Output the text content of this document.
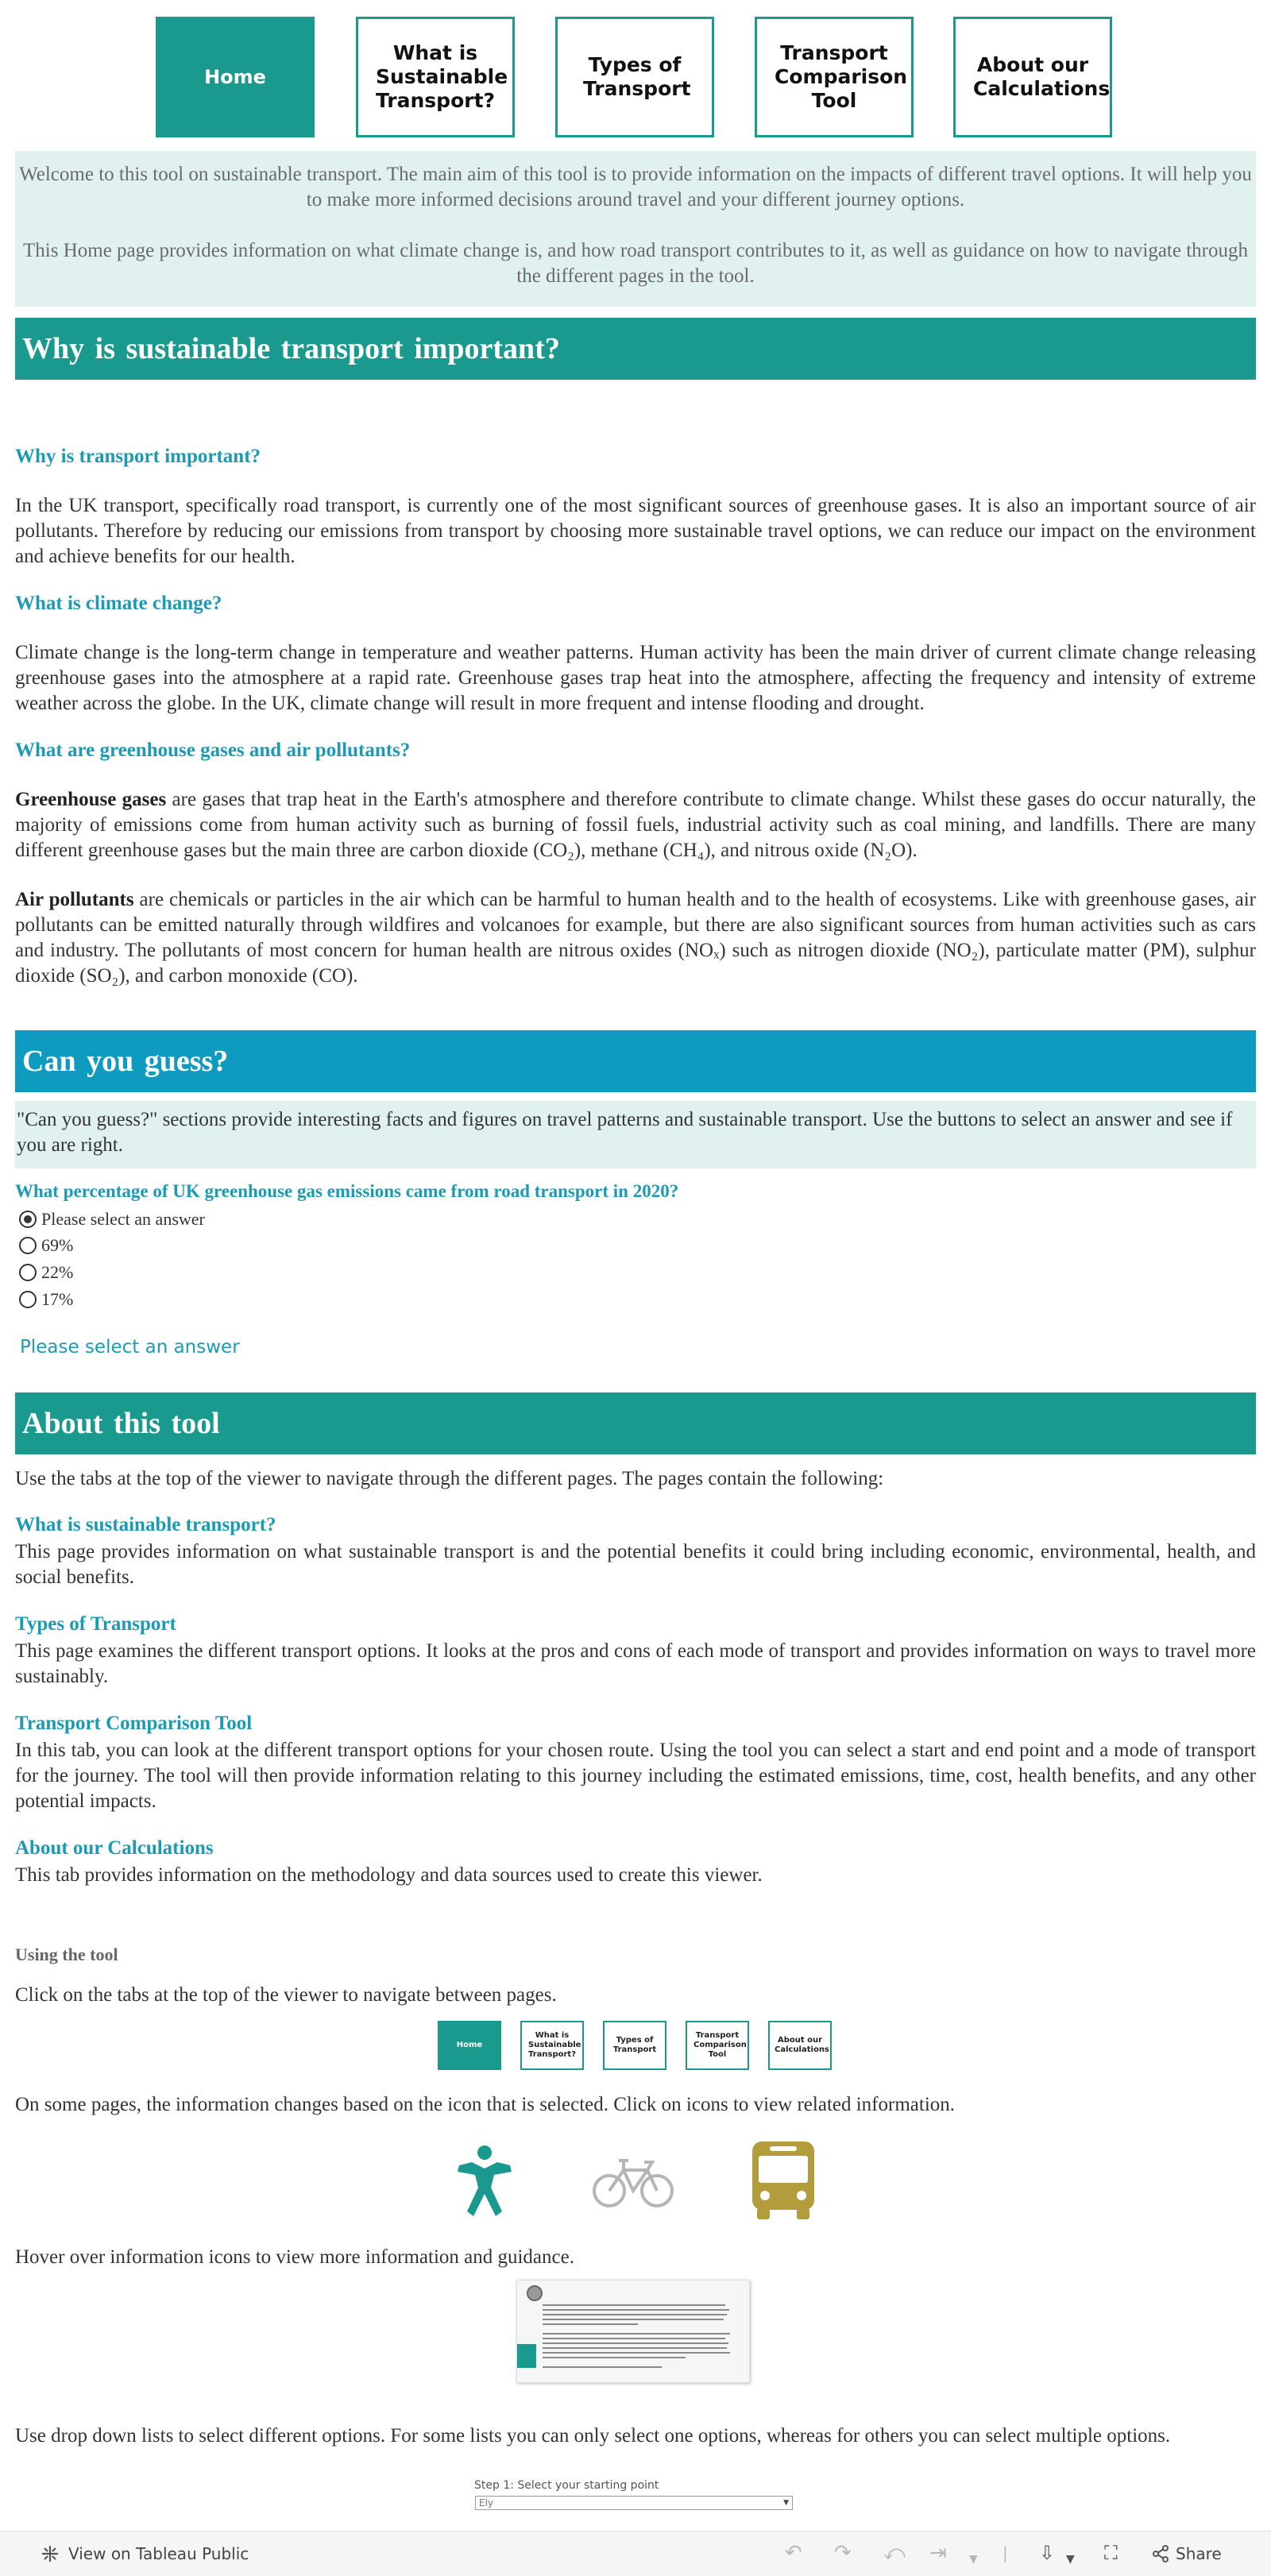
Home
What is Sustainable Transport?
Types of Transport
Transport Comparison Tool
About our Calculations

Welcome to this tool on sustainable transport. The main aim of this tool is to provide information on the impacts of different travel options. It will help you to make more informed decisions around travel and your different journey options.

This Home page provides information on what climate change is, and how road transport contributes to it, as well as guidance on how to navigate through the different pages in the tool.

Why is sustainable transport important?
Why is transport important?
In the UK transport, specifically road transport, is currently one of the most significant sources of greenhouse gases. It is also an important source of air pollutants. Therefore by reducing our emissions from transport by choosing more sustainable travel options, we can reduce our impact on the environment and achieve benefits for our health.
What is climate change?
Climate change is the long-term change in temperature and weather patterns. Human activity has been the main driver of current climate change releasing greenhouse gases into the atmosphere at a rapid rate. Greenhouse gases trap heat into the atmosphere, affecting the frequency and intensity of extreme weather across the globe. In the UK, climate change will result in more frequent and intense flooding and drought.
What are greenhouse gases and air pollutants?
Greenhouse gases are gases that trap heat in the Earth's atmosphere and therefore contribute to climate change. Whilst these gases do occur naturally, the majority of emissions come from human activity such as burning of fossil fuels, industrial activity such as coal mining, and landfills. There are many different greenhouse gases but the main three are carbon dioxide (CO₂), methane (CH₄), and nitrous oxide (N₂O).
Air pollutants are chemicals or particles in the air which can be harmful to human health and to the health of ecosystems. Like with greenhouse gases, air pollutants can be emitted naturally through wildfires and volcanoes for example, but there are also significant sources from human activities such as cars and industry. The pollutants of most concern for human health are nitrous oxides (NOₓ) such as nitrogen dioxide (NO₂), particulate matter (PM), sulphur dioxide (SO₂), and carbon monoxide (CO).
Can you guess?
"Can you guess?" sections provide interesting facts and figures on travel patterns and sustainable transport. Use the buttons to select an answer and see if you are right.
What percentage of UK greenhouse gas emissions came from road transport in 2020?
Please select an answer
69%
22%
17%
Please select an answer
About this tool
Use the tabs at the top of the viewer to navigate through the different pages. The pages contain the following:
What is sustainable transport?
This page provides information on what sustainable transport is and the potential benefits it could bring including economic, environmental, health, and social benefits.
Types of Transport
This page examines the different transport options. It looks at the pros and cons of each mode of transport and provides information on ways to travel more sustainably.
Transport Comparison Tool
In this tab, you can look at the different transport options for your chosen route. Using the tool you can select a start and end point and a mode of transport for the journey. The tool will then provide information relating to this journey including the estimated emissions, time, cost, health benefits, and any other potential impacts.
About our Calculations
This tab provides information on the methodology and data sources used to create this viewer.
Using the tool
Click on the tabs at the top of the viewer to navigate between pages.
Home
What is Sustainable Transport?
Types of Transport
Transport Comparison Tool
About our Calculations
On some pages, the information changes based on the icon that is selected. Click on icons to view related information.
Hover over information icons to view more information and guidance.
Use drop down lists to select different options. For some lists you can only select one options, whereas for others you can select multiple options.
Step 1: Select your starting point
Ely	▼
View on Tableau Public	↶ ↷ ⤺ ⇥ ▼ | ⇩ ▼ ⛶	Share
